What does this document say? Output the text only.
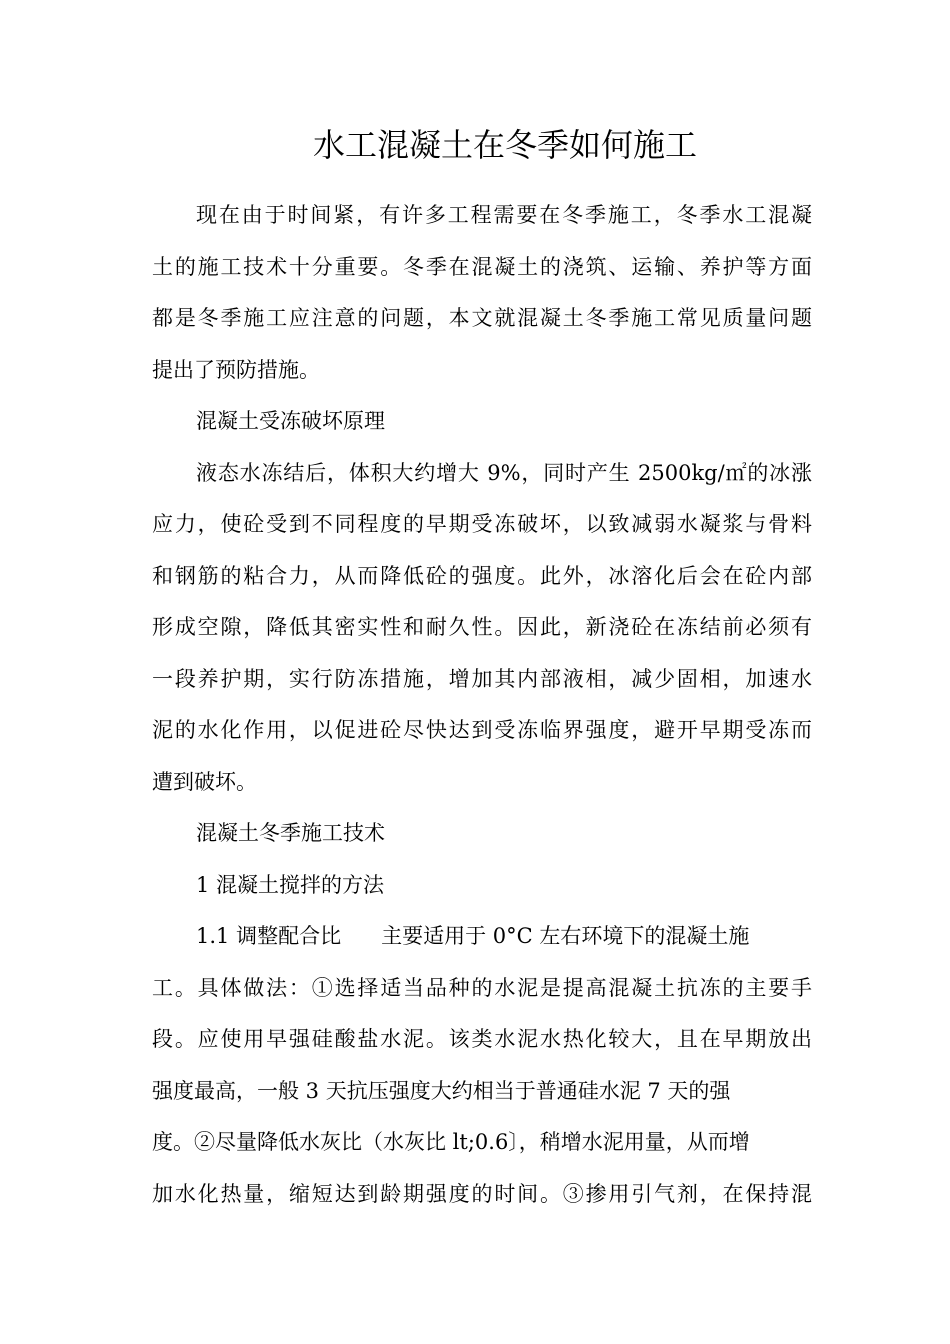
水工混凝土在冬季如何施工
现在由于时间紧，有许多工程需要在冬季施工，冬季水工混凝
土的施工技术十分重要。冬季在混凝土的浇筑、运输、养护等方面
都是冬季施工应注意的问题，本文就混凝土冬季施工常见质量问题
提出了预防措施。
混凝土受冻破坏原理
液态水冻结后，体积大约增大 9%，同时产生 2500kg/㎡的冰涨
应力，使砼受到不同程度的早期受冻破坏，以致减弱水凝浆与骨料
和钢筋的粘合力，从而降低砼的强度。此外，冰溶化后会在砼内部
形成空隙，降低其密实性和耐久性。因此，新浇砼在冻结前必须有
一段养护期，实行防冻措施，增加其内部液相，减少固相，加速水
泥的水化作用，以促进砼尽快达到受冻临界强度，避开早期受冻而
遭到破坏。
混凝土冬季施工技术
1 混凝土搅拌的方法
1.1 调整配合比 主要适用于 0°C 左右环境下的混凝土施
工。具体做法：①选择适当品种的水泥是提高混凝土抗冻的主要手
段。应使用早强硅酸盐水泥。该类水泥水热化较大，且在早期放出
强度最高，一般 3 天抗压强度大约相当于普通硅水泥 7 天的强
度。②尽量降低水灰比（水灰比 lt;0.6〕，稍增水泥用量，从而增
加水化热量，缩短达到龄期强度的时间。③掺用引气剂，在保持混
